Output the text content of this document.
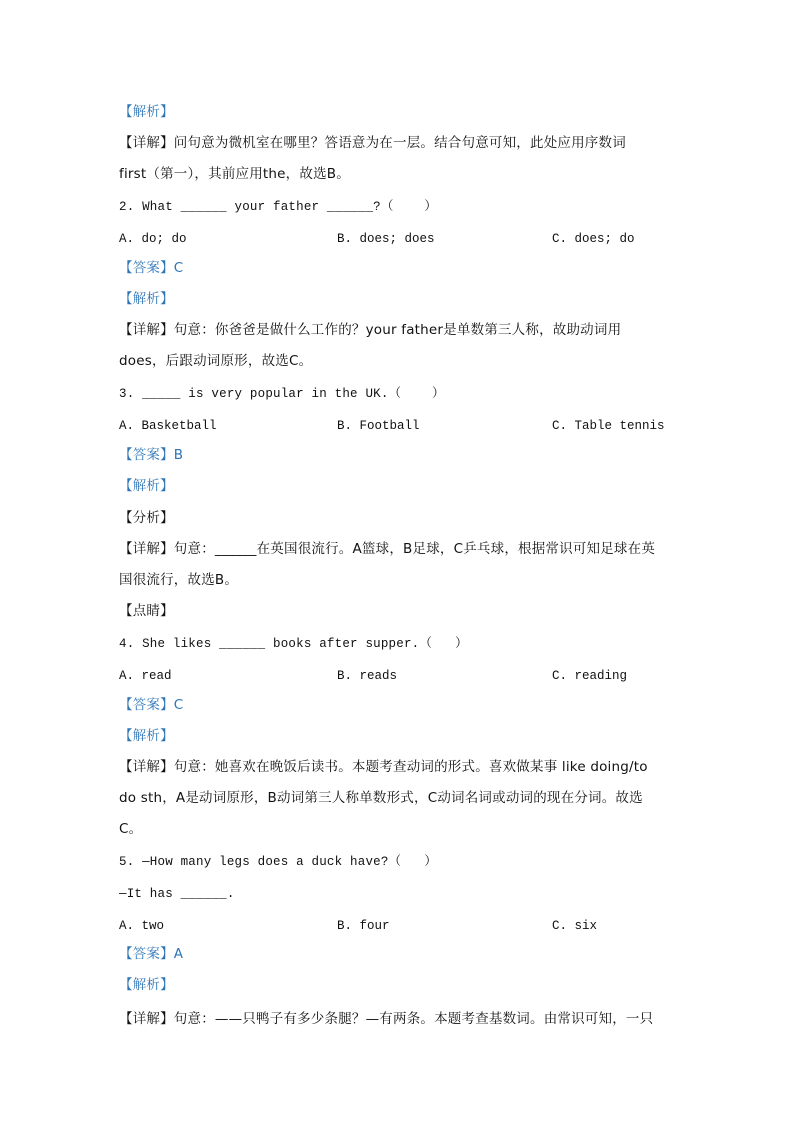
【解析】
【详解】问句意为微机室在哪里？答语意为在一层。结合句意可知，此处应用序数词
first（第一），其前应用the，故选B。
2. What ______ your father ______?（    ）
A. do; do	B. does; does	C. does; do
【答案】C
【解析】
【详解】句意：你爸爸是做什么工作的？your father是单数第三人称，故助动词用
does，后跟动词原形，故选C。
3. _____ is very popular in the UK.（    ）
A. Basketball	B. Football	C. Table tennis
【答案】B
【解析】
【分析】
【详解】句意：______在英国很流行。A篮球，B足球，C乒乓球，根据常识可知足球在英
国很流行，故选B。
【点睛】
4. She likes ______ books after supper.（   ）
A. read	B. reads	C. reading
【答案】C
【解析】
【详解】句意：她喜欢在晚饭后读书。本题考查动词的形式。喜欢做某事 like doing/to
do sth，A是动词原形，B动词第三人称单数形式，C动词名词或动词的现在分词。故选
C。
5. —How many legs does a duck have?（   ）
—It has ______.
A. two	B. four	C. six
【答案】A
【解析】
【详解】句意：——只鸭子有多少条腿？—有两条。本题考查基数词。由常识可知，一只
